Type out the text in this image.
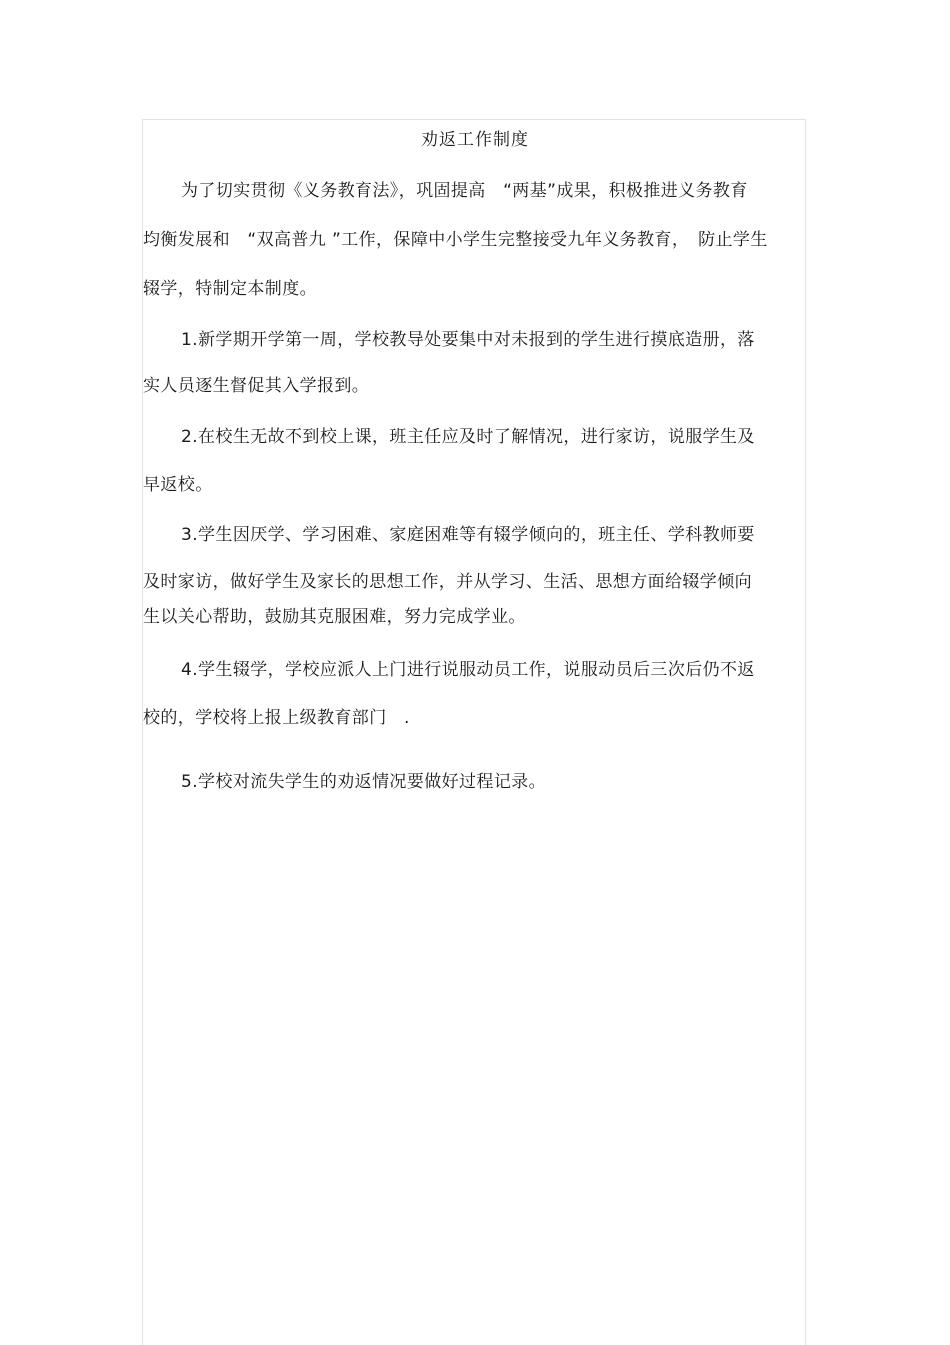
劝返工作制度
为了切实贯彻《义务教育法》，巩固提高　“两基”成果，积极推进义务教育
均衡发展和　“双高普九 ”工作，保障中小学生完整接受九年义务教育，　防止学生
辍学，特制定本制度。
1.新学期开学第一周，学校教导处要集中对未报到的学生进行摸底造册，落
实人员逐生督促其入学报到。
2.在校生无故不到校上课，班主任应及时了解情况，进行家访，说服学生及
早返校。
3.学生因厌学、学习困难、家庭困难等有辍学倾向的，班主任、学科教师要
及时家访，做好学生及家长的思想工作，并从学习、生活、思想方面给辍学倾向
生以关心帮助，鼓励其克服困难，努力完成学业。
4.学生辍学，学校应派人上门进行说服动员工作，说服动员后三次后仍不返
校的，学校将上报上级教育部门　.
5.学校对流失学生的劝返情况要做好过程记录。
